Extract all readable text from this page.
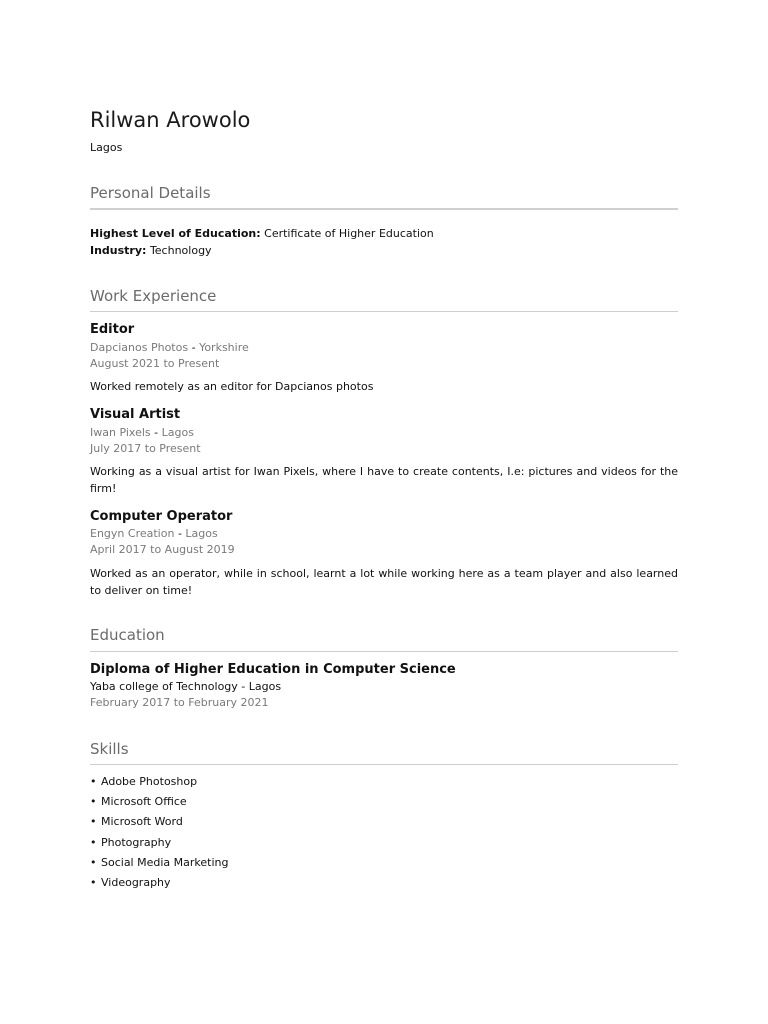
Rilwan Arowolo
Lagos
Personal Details
Highest Level of Education: Certificate of Higher Education
Industry: Technology
Work Experience
Editor
Dapcianos Photos - Yorkshire
August 2021 to Present
Worked remotely as an editor for Dapcianos photos
Visual Artist
Iwan Pixels - Lagos
July 2017 to Present
Working as a visual artist for Iwan Pixels, where I have to create contents, I.e: pictures and videos for the firm!
Computer Operator
Engyn Creation - Lagos
April 2017 to August 2019
Worked as an operator, while in school, learnt a lot while working here as a team player and also learned to deliver on time!
Education
Diploma of Higher Education in Computer Science
Yaba college of Technology - Lagos
February 2017 to February 2021
Skills
• Adobe Photoshop
• Microsoft Office
• Microsoft Word
• Photography
• Social Media Marketing
• Videography
